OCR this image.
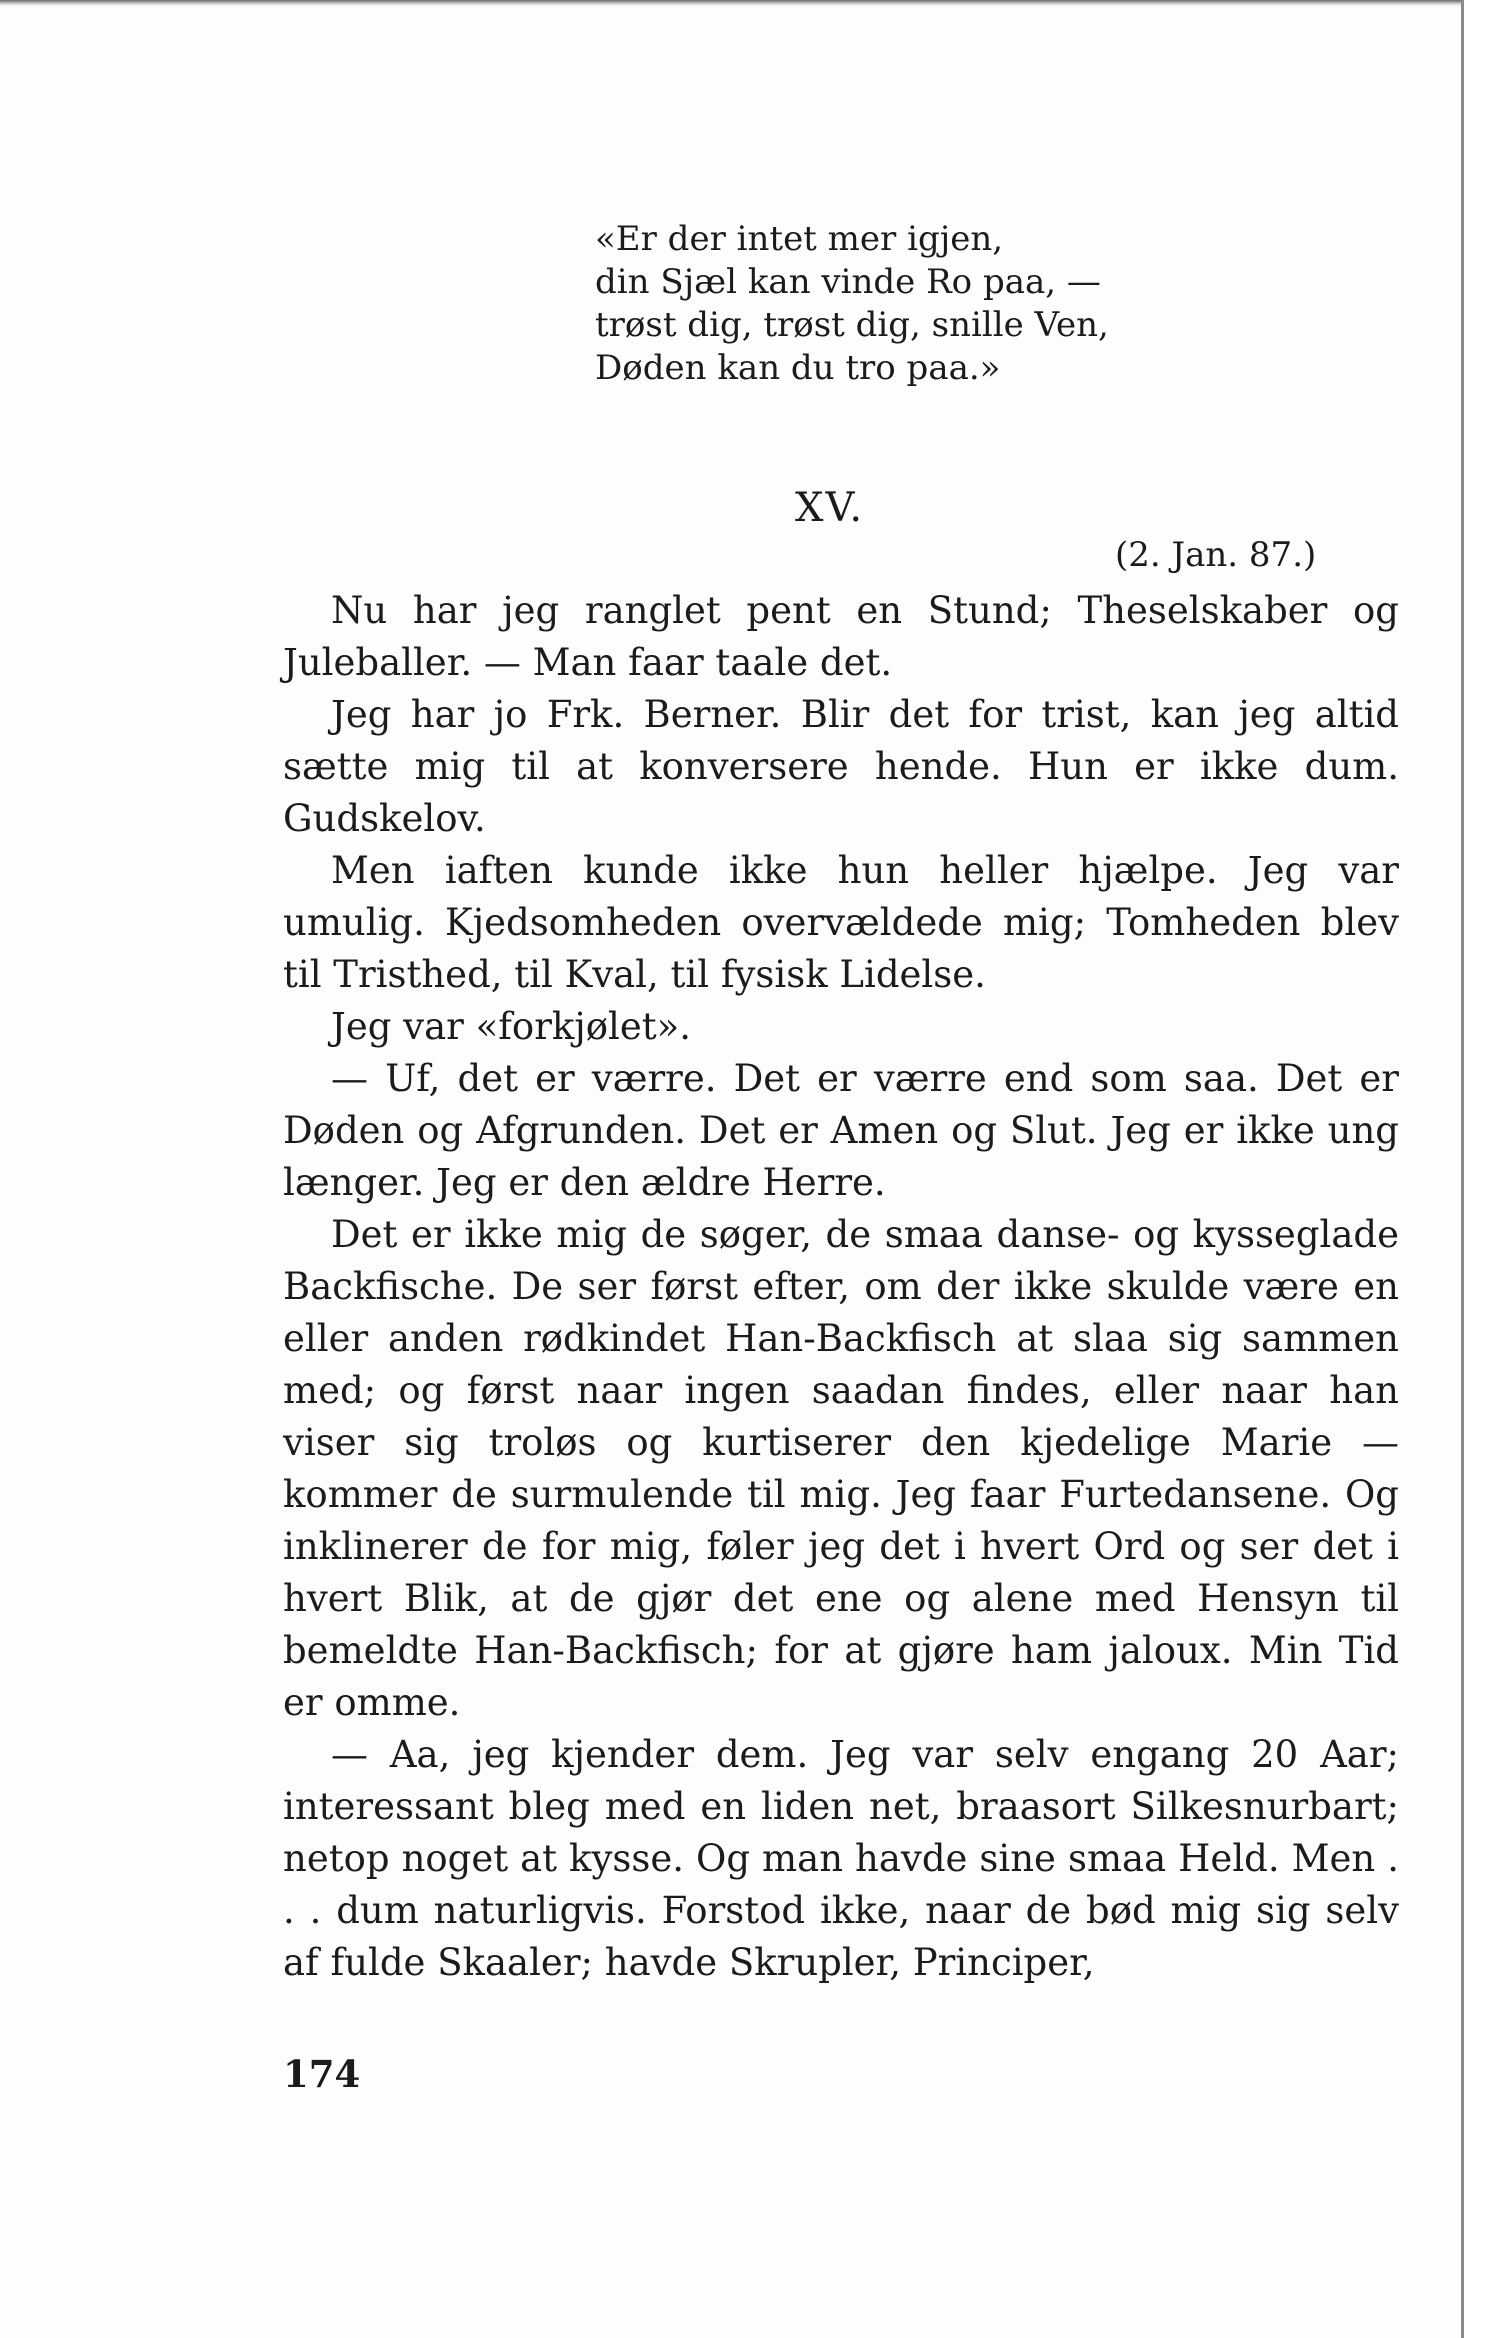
«Er der intet mer igjen,
din Sjæl kan vinde Ro paa, —
trøst dig, trøst dig, snille Ven,
Døden kan du tro paa.»
XV.
(2. Jan. 87.)

Nu har jeg ranglet pent en Stund; Theselskaber og Juleballer. — Man faar taale det.

Jeg har jo Frk. Berner. Blir det for trist, kan jeg altid sætte mig til at konversere hende. Hun er ikke dum. Gudskelov.

Men iaften kunde ikke hun heller hjælpe. Jeg var umulig. Kjedsomheden overvældede mig; Tomheden blev til Tristhed, til Kval, til fysisk Lidelse.

Jeg var «forkjølet».

— Uf, det er værre. Det er værre end som saa. Det er Døden og Afgrunden. Det er Amen og Slut. Jeg er ikke ung længer. Jeg er den ældre Herre.

Det er ikke mig de søger, de smaa danse- og kysseglade Backfische. De ser først efter, om der ikke skulde være en eller anden rødkindet Han-Backfisch at slaa sig sammen med; og først naar ingen saadan findes, eller naar han viser sig troløs og kurtiserer den kjedelige Marie — kommer de surmulende til mig. Jeg faar Furtedansene. Og inklinerer de for mig, føler jeg det i hvert Ord og ser det i hvert Blik, at de gjør det ene og alene med Hensyn til bemeldte Han-Backfisch; for at gjøre ham jaloux. Min Tid er omme.

— Aa, jeg kjender dem. Jeg var selv engang 20 Aar; interessant bleg med en liden net, braasort Silkesnurbart; netop noget at kysse. Og man havde sine smaa Held. Men . . . dum naturligvis. Forstod ikke, naar de bød mig sig selv af fulde Skaaler; havde Skrupler, Principer,

174
